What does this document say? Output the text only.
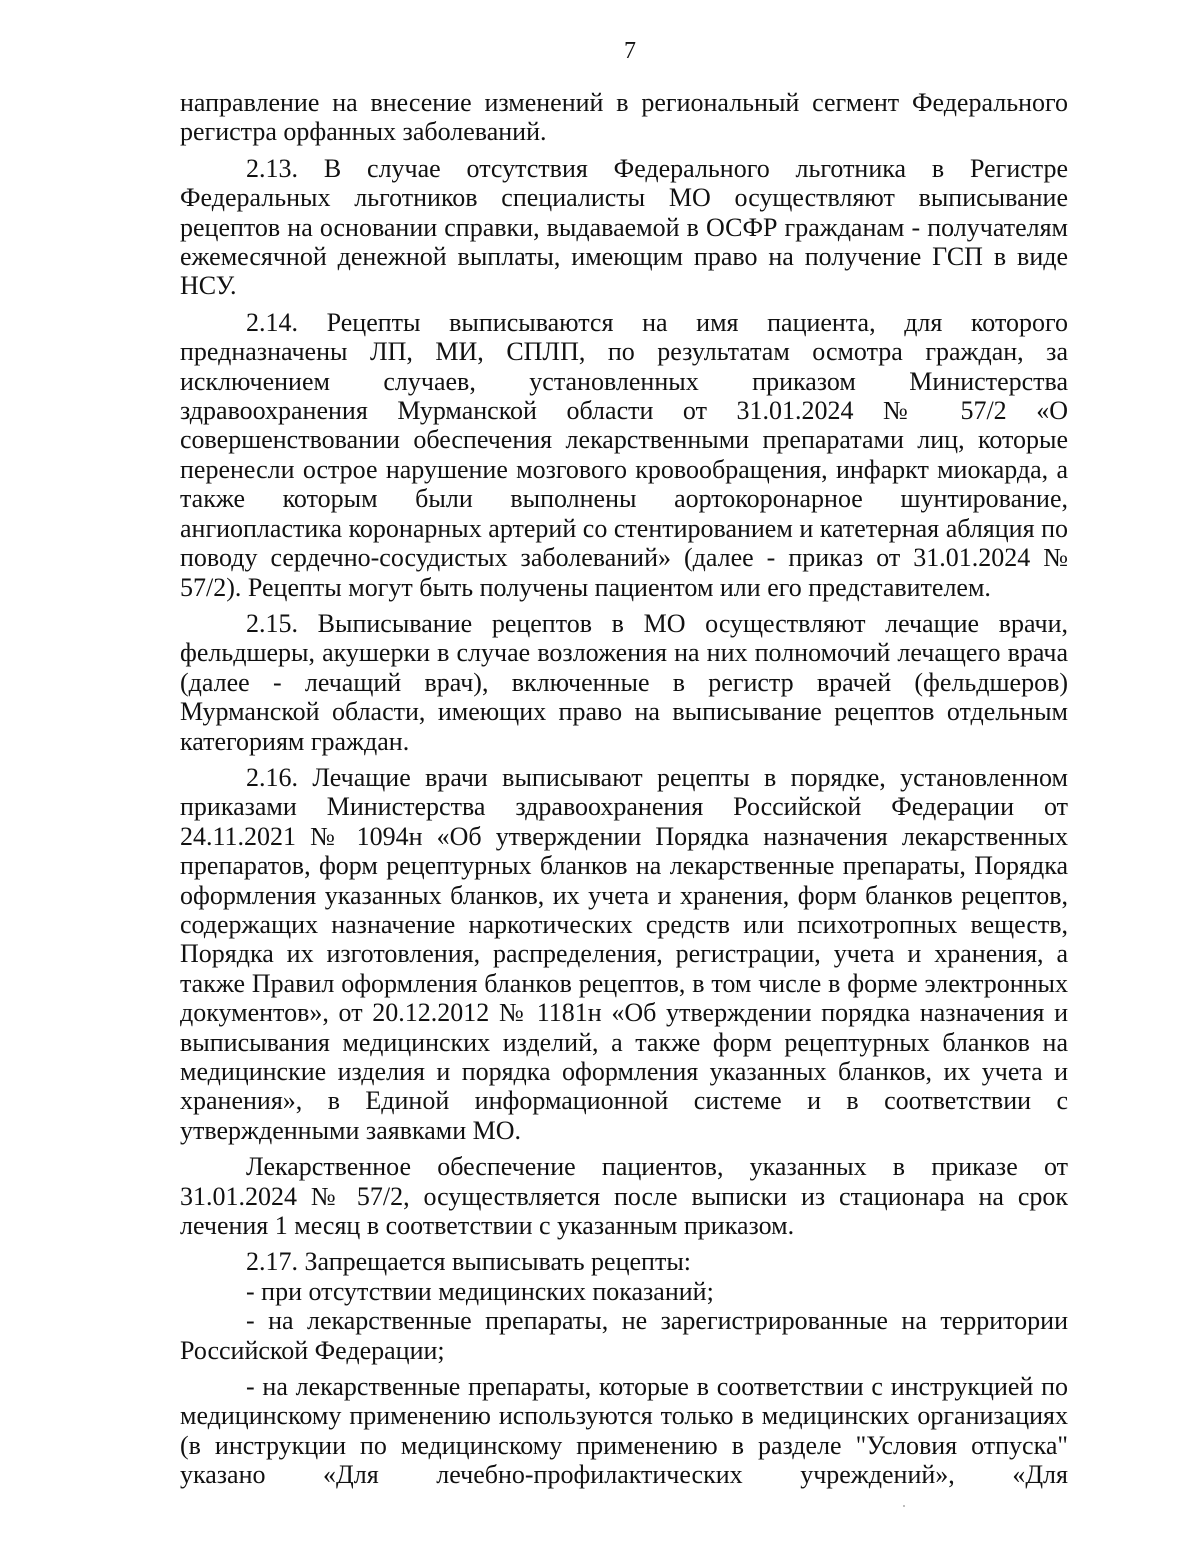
7

направление на внесение изменений в региональный сегмент Федерального регистра орфанных заболеваний.

2.13. В случае отсутствия Федерального льготника в Регистре Федеральных льготников специалисты МО осуществляют выписывание рецептов на основании справки, выдаваемой в ОСФР гражданам - получателям ежемесячной денежной выплаты, имеющим право на получение ГСП в виде НСУ.

2.14. Рецепты выписываются на имя пациента, для которого предназначены ЛП, МИ, СПЛП, по результатам осмотра граждан, за исключением случаев, установленных приказом Министерства здравоохранения Мурманской области от 31.01.2024 № 57/2 «О совершенствовании обеспечения лекарственными препаратами лиц, которые перенесли острое нарушение мозгового кровообращения, инфаркт миокарда, а также которым были выполнены аортокоронарное шунтирование, ангиопластика коронарных артерий со стентированием и катетерная абляция по поводу сердечно-сосудистых заболеваний» (далее - приказ от 31.01.2024 № 57/2). Рецепты могут быть получены пациентом или его представителем.

2.15. Выписывание рецептов в МО осуществляют лечащие врачи, фельдшеры, акушерки в случае возложения на них полномочий лечащего врача (далее - лечащий врач), включенные в регистр врачей (фельдшеров) Мурманской области, имеющих право на выписывание рецептов отдельным категориям граждан.

2.16. Лечащие врачи выписывают рецепты в порядке, установленном приказами Министерства здравоохранения Российской Федерации от 24.11.2021 № 1094н «Об утверждении Порядка назначения лекарственных препаратов, форм рецептурных бланков на лекарственные препараты, Порядка оформления указанных бланков, их учета и хранения, форм бланков рецептов, содержащих назначение наркотических средств или психотропных веществ, Порядка их изготовления, распределения, регистрации, учета и хранения, а также Правил оформления бланков рецептов, в том числе в форме электронных документов», от 20.12.2012 № 1181н «Об утверждении порядка назначения и выписывания медицинских изделий, а также форм рецептурных бланков на медицинские изделия и порядка оформления указанных бланков, их учета и хранения», в Единой информационной системе и в соответствии с утвержденными заявками МО.

Лекарственное обеспечение пациентов, указанных в приказе от 31.01.2024 № 57/2, осуществляется после выписки из стационара на срок лечения 1 месяц в соответствии с указанным приказом.

2.17. Запрещается выписывать рецепты:

- при отсутствии медицинских показаний;

- на лекарственные препараты, не зарегистрированные на территории Российской Федерации;

- на лекарственные препараты, которые в соответствии с инструкцией по медицинскому применению используются только в медицинских организациях (в инструкции по медицинскому применению в разделе "Условия отпуска" указано «Для лечебно-профилактических учреждений», «Для
